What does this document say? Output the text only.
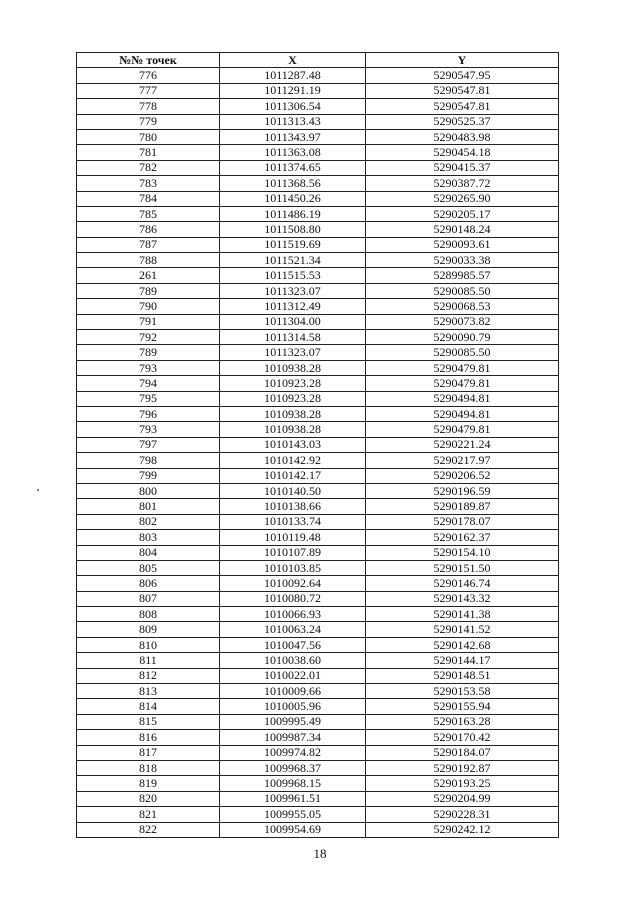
№№ точек	X	Y
776	1011287.48	5290547.95
777	1011291.19	5290547.81
778	1011306.54	5290547.81
779	1011313.43	5290525.37
780	1011343.97	5290483.98
781	1011363.08	5290454.18
782	1011374.65	5290415.37
783	1011368.56	5290387.72
784	1011450.26	5290265.90
785	1011486.19	5290205.17
786	1011508.80	5290148.24
787	1011519.69	5290093.61
788	1011521.34	5290033.38
261	1011515.53	5289985.57
789	1011323.07	5290085.50
790	1011312.49	5290068.53
791	1011304.00	5290073.82
792	1011314.58	5290090.79
789	1011323.07	5290085.50
793	1010938.28	5290479.81
794	1010923.28	5290479.81
795	1010923.28	5290494.81
796	1010938.28	5290494.81
793	1010938.28	5290479.81
797	1010143.03	5290221.24
798	1010142.92	5290217.97
799	1010142.17	5290206.52
800	1010140.50	5290196.59
801	1010138.66	5290189.87
802	1010133.74	5290178.07
803	1010119.48	5290162.37
804	1010107.89	5290154.10
805	1010103.85	5290151.50
806	1010092.64	5290146.74
807	1010080.72	5290143.32
808	1010066.93	5290141.38
809	1010063.24	5290141.52
810	1010047.56	5290142.68
811	1010038.60	5290144.17
812	1010022.01	5290148.51
813	1010009.66	5290153.58
814	1010005.96	5290155.94
815	1009995.49	5290163.28
816	1009987.34	5290170.42
817	1009974.82	5290184.07
818	1009968.37	5290192.87
819	1009968.15	5290193.25
820	1009961.51	5290204.99
821	1009955.05	5290228.31
822	1009954.69	5290242.12
18
